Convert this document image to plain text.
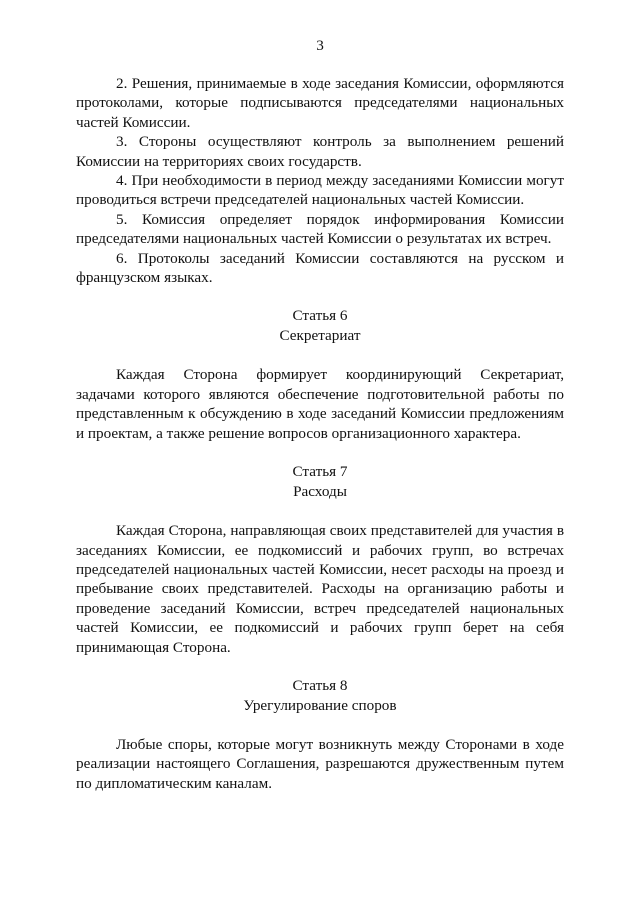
3

2. Решения, принимаемые в ходе заседания Комиссии, оформляются протоколами, которые подписываются председателями национальных частей Комиссии.

3. Стороны осуществляют контроль за выполнением решений Комиссии на территориях своих государств.

4. При необходимости в период между заседаниями Комиссии могут проводиться встречи председателей национальных частей Комиссии.

5. Комиссия определяет порядок информирования Комиссии председателями национальных частей Комиссии о результатах их встреч.

6. Протоколы заседаний Комиссии составляются на русском и французском языках.

Статья 6
Секретариат

Каждая Сторона формирует координирующий Секретариат, задачами которого являются обеспечение подготовительной работы по представленным к обсуждению в ходе заседаний Комиссии предложениям и проектам, а также решение вопросов организационного характера.

Статья 7
Расходы

Каждая Сторона, направляющая своих представителей для участия в заседаниях Комиссии, ее подкомиссий и рабочих групп, во встречах председателей национальных частей Комиссии, несет расходы на проезд и пребывание своих представителей. Расходы на организацию работы и проведение заседаний Комиссии, встреч председателей национальных частей Комиссии, ее подкомиссий и рабочих групп берет на себя принимающая Сторона.

Статья 8
Урегулирование споров

Любые споры, которые могут возникнуть между Сторонами в ходе реализации настоящего Соглашения, разрешаются дружественным путем по дипломатическим каналам.
